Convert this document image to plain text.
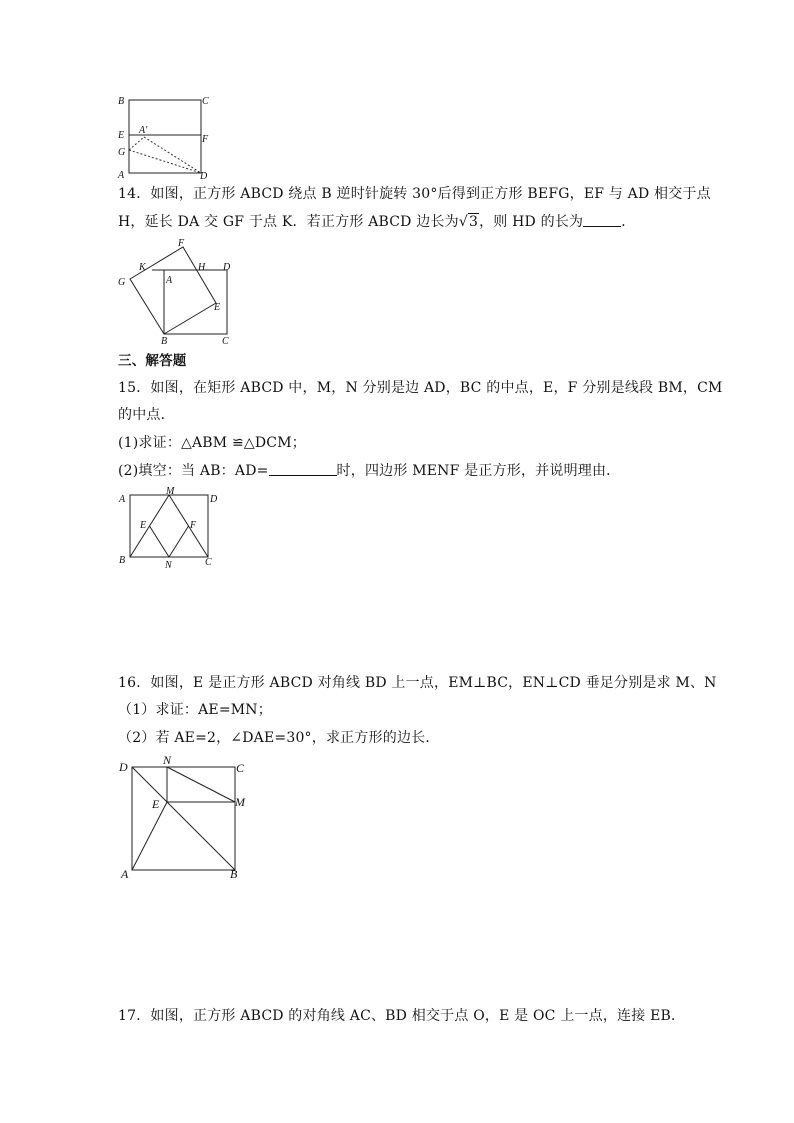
B	C
E A'
F
G
A	D
14．如图，正方形 ABCD 绕点 B 逆时针旋转 30°后得到正方形 BEFG，EF 与 AD 相交于点
H，延长 DA 交 GF 于点 K．若正方形 ABCD 边长为√3，则 HD 的长为	．
F
K	H D
G	A
E
B	C
三、解答题
15．如图，在矩形 ABCD 中，M，N 分别是边 AD，BC 的中点，E，F 分别是线段 BM，CM
的中点．
(1)求证：△ABM ≌△DCM；
(2)填空：当 AB：AD=	时，四边形 MENF 是正方形，并说明理由．
A
M
D
E	F
B	N	C
16．如图，E 是正方形 ABCD 对角线 BD 上一点，EM⊥BC，EN⊥CD 垂足分别是求 M、N
（1）求证：AE=MN；
（2）若 AE=2，∠DAE=30°，求正方形的边长．
D	N
C
E	M
A	B
17．如图，正方形 ABCD 的对角线 AC、BD 相交于点 O，E 是 OC 上一点，连接 EB．
